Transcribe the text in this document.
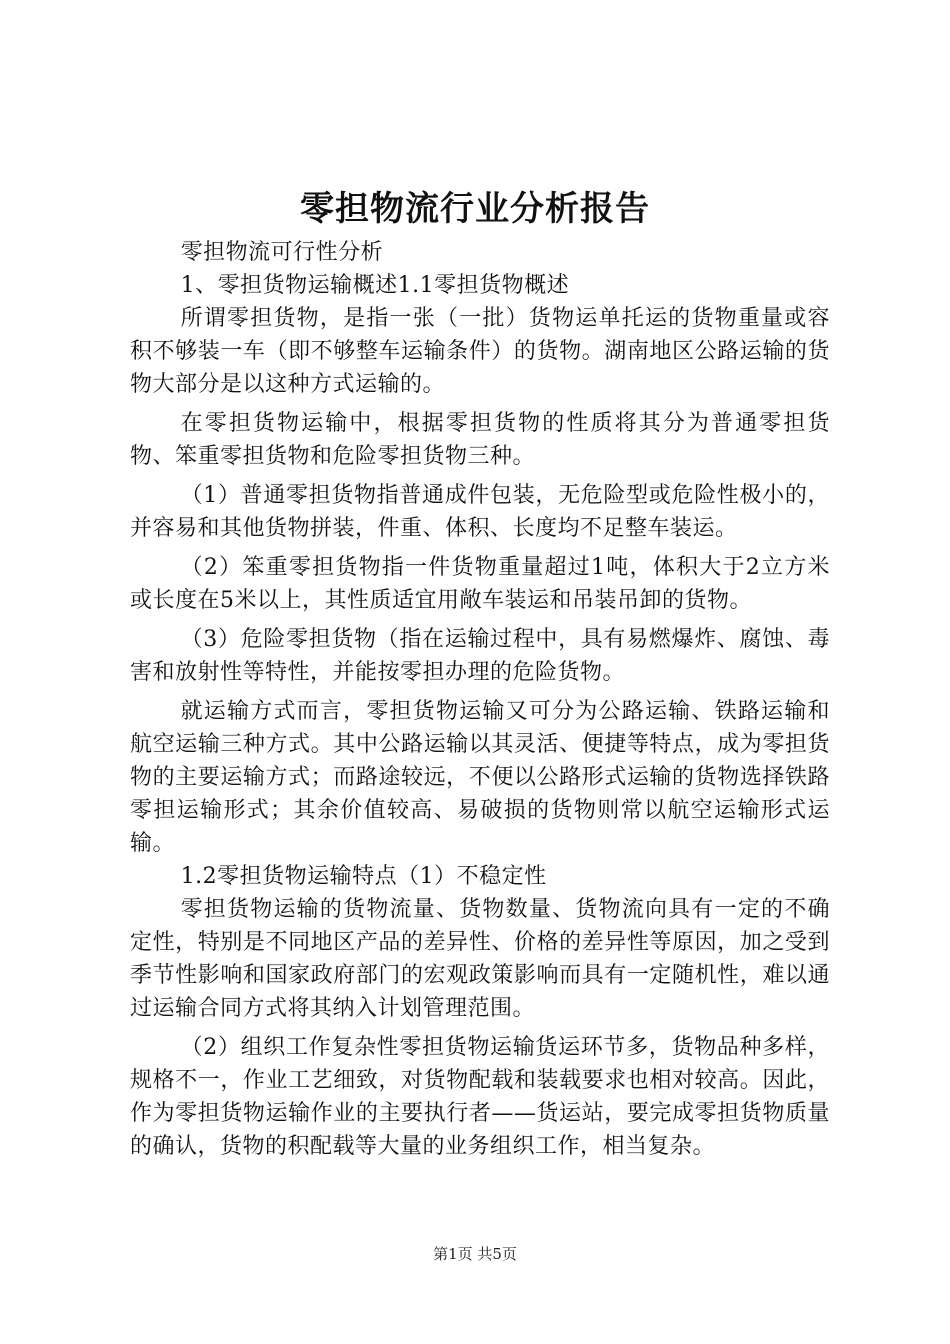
零担物流行业分析报告

零担物流可行性分析

1、零担货物运输概述1.1零担货物概述

所谓零担货物，是指一张（一批）货物运单托运的货物重量或容积不够装一车（即不够整车运输条件）的货物。湖南地区公路运输的货物大部分是以这种方式运输的。

在零担货物运输中，根据零担货物的性质将其分为普通零担货物、笨重零担货物和危险零担货物三种。

（1）普通零担货物指普通成件包装，无危险型或危险性极小的，并容易和其他货物拼装，件重、体积、长度均不足整车装运。

（2）笨重零担货物指一件货物重量超过1吨，体积大于2立方米或长度在5米以上，其性质适宜用敞车装运和吊装吊卸的货物。

（3）危险零担货物（指在运输过程中，具有易燃爆炸、腐蚀、毒害和放射性等特性，并能按零担办理的危险货物。

就运输方式而言，零担货物运输又可分为公路运输、铁路运输和航空运输三种方式。其中公路运输以其灵活、便捷等特点，成为零担货物的主要运输方式；而路途较远，不便以公路形式运输的货物选择铁路零担运输形式；其余价值较高、易破损的货物则常以航空运输形式运输。

1.2零担货物运输特点（1）不稳定性

零担货物运输的货物流量、货物数量、货物流向具有一定的不确定性，特别是不同地区产品的差异性、价格的差异性等原因，加之受到季节性影响和国家政府部门的宏观政策影响而具有一定随机性，难以通过运输合同方式将其纳入计划管理范围。

（2）组织工作复杂性零担货物运输货运环节多，货物品种多样，规格不一，作业工艺细致，对货物配载和装载要求也相对较高。因此，作为零担货物运输作业的主要执行者——货运站，要完成零担货物质量的确认，货物的积配载等大量的业务组织工作，相当复杂。

第1页 共5页
